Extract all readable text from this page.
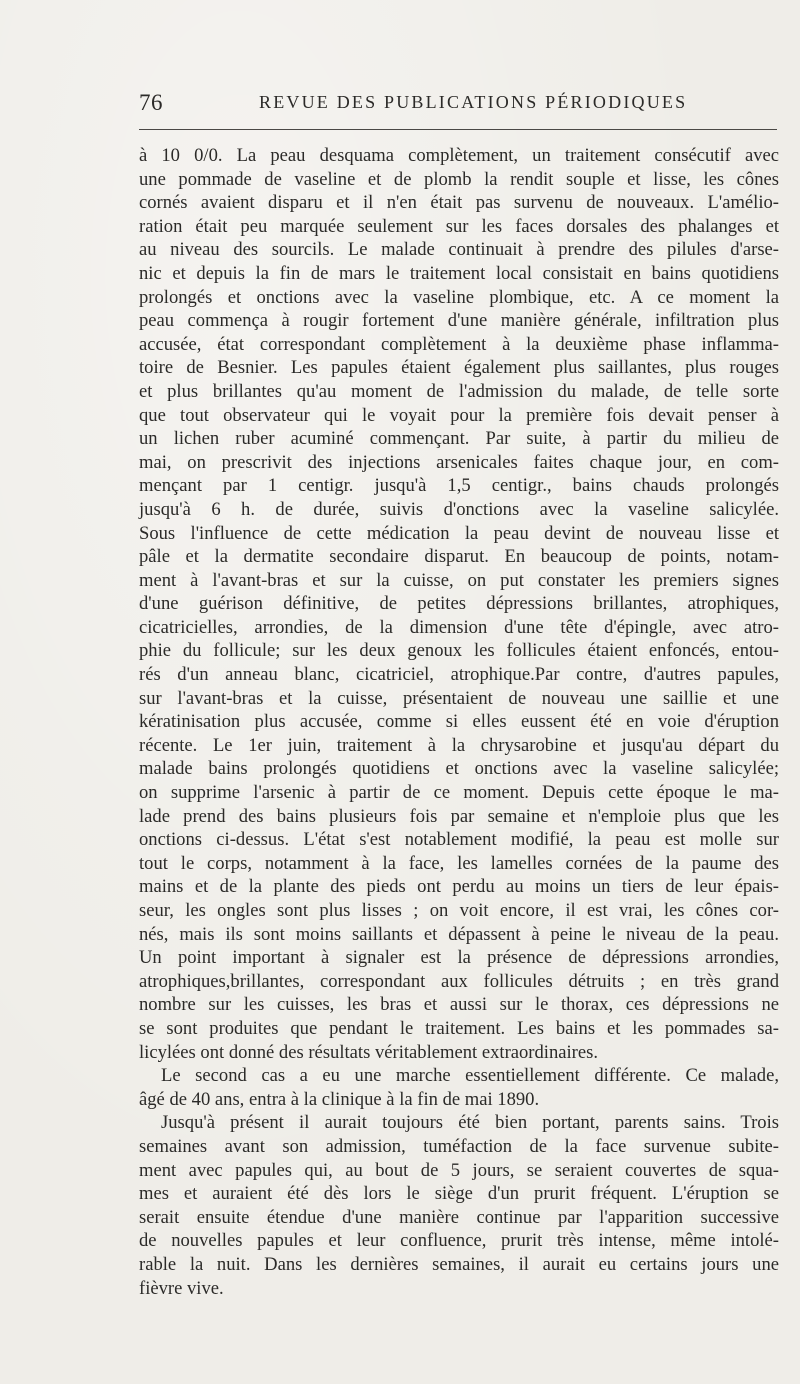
76	REVUE DES PUBLICATIONS PÉRIODIQUES
à 10 0/0. La peau desquama complètement, un traitement consécutif avec
une pommade de vaseline et de plomb la rendit souple et lisse, les cônes
cornés avaient disparu et il n'en était pas survenu de nouveaux. L'amélio-
ration était peu marquée seulement sur les faces dorsales des phalanges et
au niveau des sourcils. Le malade continuait à prendre des pilules d'arse-
nic et depuis la fin de mars le traitement local consistait en bains quotidiens
prolongés et onctions avec la vaseline plombique, etc. A ce moment la
peau commença à rougir fortement d'une manière générale, infiltration plus
accusée, état correspondant complètement à la deuxième phase inflamma-
toire de Besnier. Les papules étaient également plus saillantes, plus rouges
et plus brillantes qu'au moment de l'admission du malade, de telle sorte
que tout observateur qui le voyait pour la première fois devait penser à
un lichen ruber acuminé commençant. Par suite, à partir du milieu de
mai, on prescrivit des injections arsenicales faites chaque jour, en com-
mençant par 1 centigr. jusqu'à 1,5 centigr., bains chauds prolongés
jusqu'à 6 h. de durée, suivis d'onctions avec la vaseline salicylée.
Sous l'influence de cette médication la peau devint de nouveau lisse et
pâle et la dermatite secondaire disparut. En beaucoup de points, notam-
ment à l'avant-bras et sur la cuisse, on put constater les premiers signes
d'une guérison définitive, de petites dépressions brillantes, atrophiques,
cicatricielles, arrondies, de la dimension d'une tête d'épingle, avec atro-
phie du follicule; sur les deux genoux les follicules étaient enfoncés, entou-
rés d'un anneau blanc, cicatriciel, atrophique.Par contre, d'autres papules,
sur l'avant-bras et la cuisse, présentaient de nouveau une saillie et une
kératinisation plus accusée, comme si elles eussent été en voie d'éruption
récente. Le 1er juin, traitement à la chrysarobine et jusqu'au départ du
malade bains prolongés quotidiens et onctions avec la vaseline salicylée;
on supprime l'arsenic à partir de ce moment. Depuis cette époque le ma-
lade prend des bains plusieurs fois par semaine et n'emploie plus que les
onctions ci-dessus. L'état s'est notablement modifié, la peau est molle sur
tout le corps, notamment à la face, les lamelles cornées de la paume des
mains et de la plante des pieds ont perdu au moins un tiers de leur épais-
seur, les ongles sont plus lisses ; on voit encore, il est vrai, les cônes cor-
nés, mais ils sont moins saillants et dépassent à peine le niveau de la peau.
Un point important à signaler est la présence de dépressions arrondies,
atrophiques,brillantes, correspondant aux follicules détruits ; en très grand
nombre sur les cuisses, les bras et aussi sur le thorax, ces dépressions ne
se sont produites que pendant le traitement. Les bains et les pommades sa-
licylées ont donné des résultats véritablement extraordinaires.
Le second cas a eu une marche essentiellement différente. Ce malade,
âgé de 40 ans, entra à la clinique à la fin de mai 1890.
Jusqu'à présent il aurait toujours été bien portant, parents sains. Trois
semaines avant son admission, tuméfaction de la face survenue subite-
ment avec papules qui, au bout de 5 jours, se seraient couvertes de squa-
mes et auraient été dès lors le siège d'un prurit fréquent. L'éruption se
serait ensuite étendue d'une manière continue par l'apparition successive
de nouvelles papules et leur confluence, prurit très intense, même intolé-
rable la nuit. Dans les dernières semaines, il aurait eu certains jours une
fièvre vive.
